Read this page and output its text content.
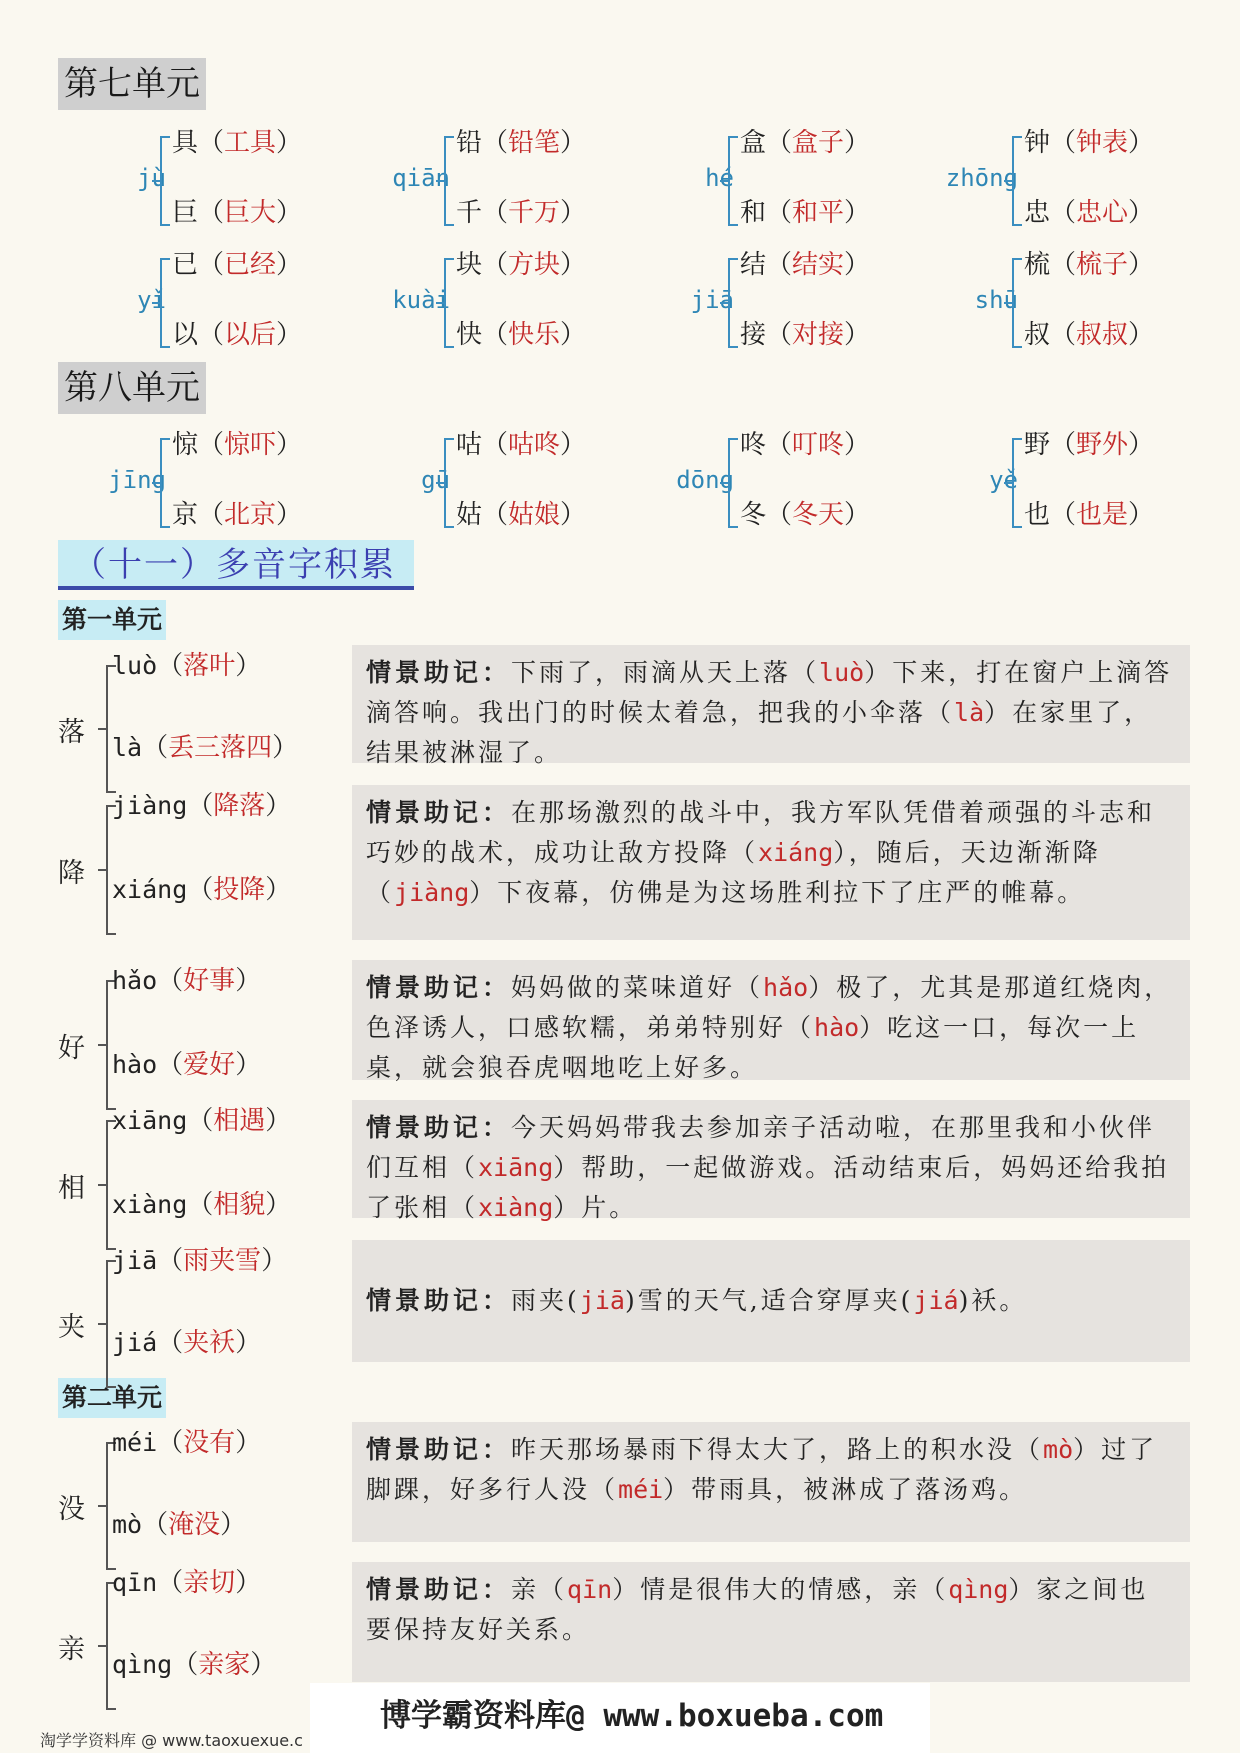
第七单元
jù
具（工具）
巨（巨大）
qiān
铅（铅笔）
千（千万）
hé
盒（盒子）
和（和平）
zhōng
钟（钟表）
忠（忠心）
yǐ
已（已经）
以（以后）
kuài
块（方块）
快（快乐）
jiā
结（结实）
接（对接）
shū
梳（梳子）
叔（叔叔）
第八单元
jīng
惊（惊吓）
京（北京）
gū
咕（咕咚）
姑（姑娘）
dōng
咚（叮咚）
冬（冬天）
yě
野（野外）
也（也是）
（十一）多音字积累
第一单元
第二单元
落
luò（落叶）
là（丢三落四）
情景助记：下雨了，雨滴从天上落（luò）下来，打在窗户上滴答滴答响。我出门的时候太着急，把我的小伞落（là）在家里了，结果被淋湿了。
降
jiàng（降落）
xiáng（投降）
情景助记：在那场激烈的战斗中，我方军队凭借着顽强的斗志和巧妙的战术，成功让敌方投降（xiáng），随后，天边渐渐降（jiàng）下夜幕，仿佛是为这场胜利拉下了庄严的帷幕。
好
hǎo（好事）
hào（爱好）
情景助记：妈妈做的菜味道好（hǎo）极了，尤其是那道红烧肉，色泽诱人，口感软糯，弟弟特别好（hào）吃这一口，每次一上桌，就会狼吞虎咽地吃上好多。
相
xiāng（相遇）
xiàng（相貌）
情景助记：今天妈妈带我去参加亲子活动啦，在那里我和小伙伴们互相（xiāng）帮助，一起做游戏。活动结束后，妈妈还给我拍了张相（xiàng）片。
夹
jiā（雨夹雪）
jiá（夹袄）
情景助记：雨夹(jiā)雪的天气,适合穿厚夹(jiá)袄。
没
méi（没有）
mò（淹没）
情景助记：昨天那场暴雨下得太大了，路上的积水没（mò）过了脚踝，好多行人没（méi）带雨具，被淋成了落汤鸡。
亲
qīn（亲切）
qìng（亲家）
情景助记：亲（qīn）情是很伟大的情感，亲（qìng）家之间也要保持友好关系。
博学霸资料库@ www.boxueba.com
淘学学资料库 @ www.taoxuexue.c
